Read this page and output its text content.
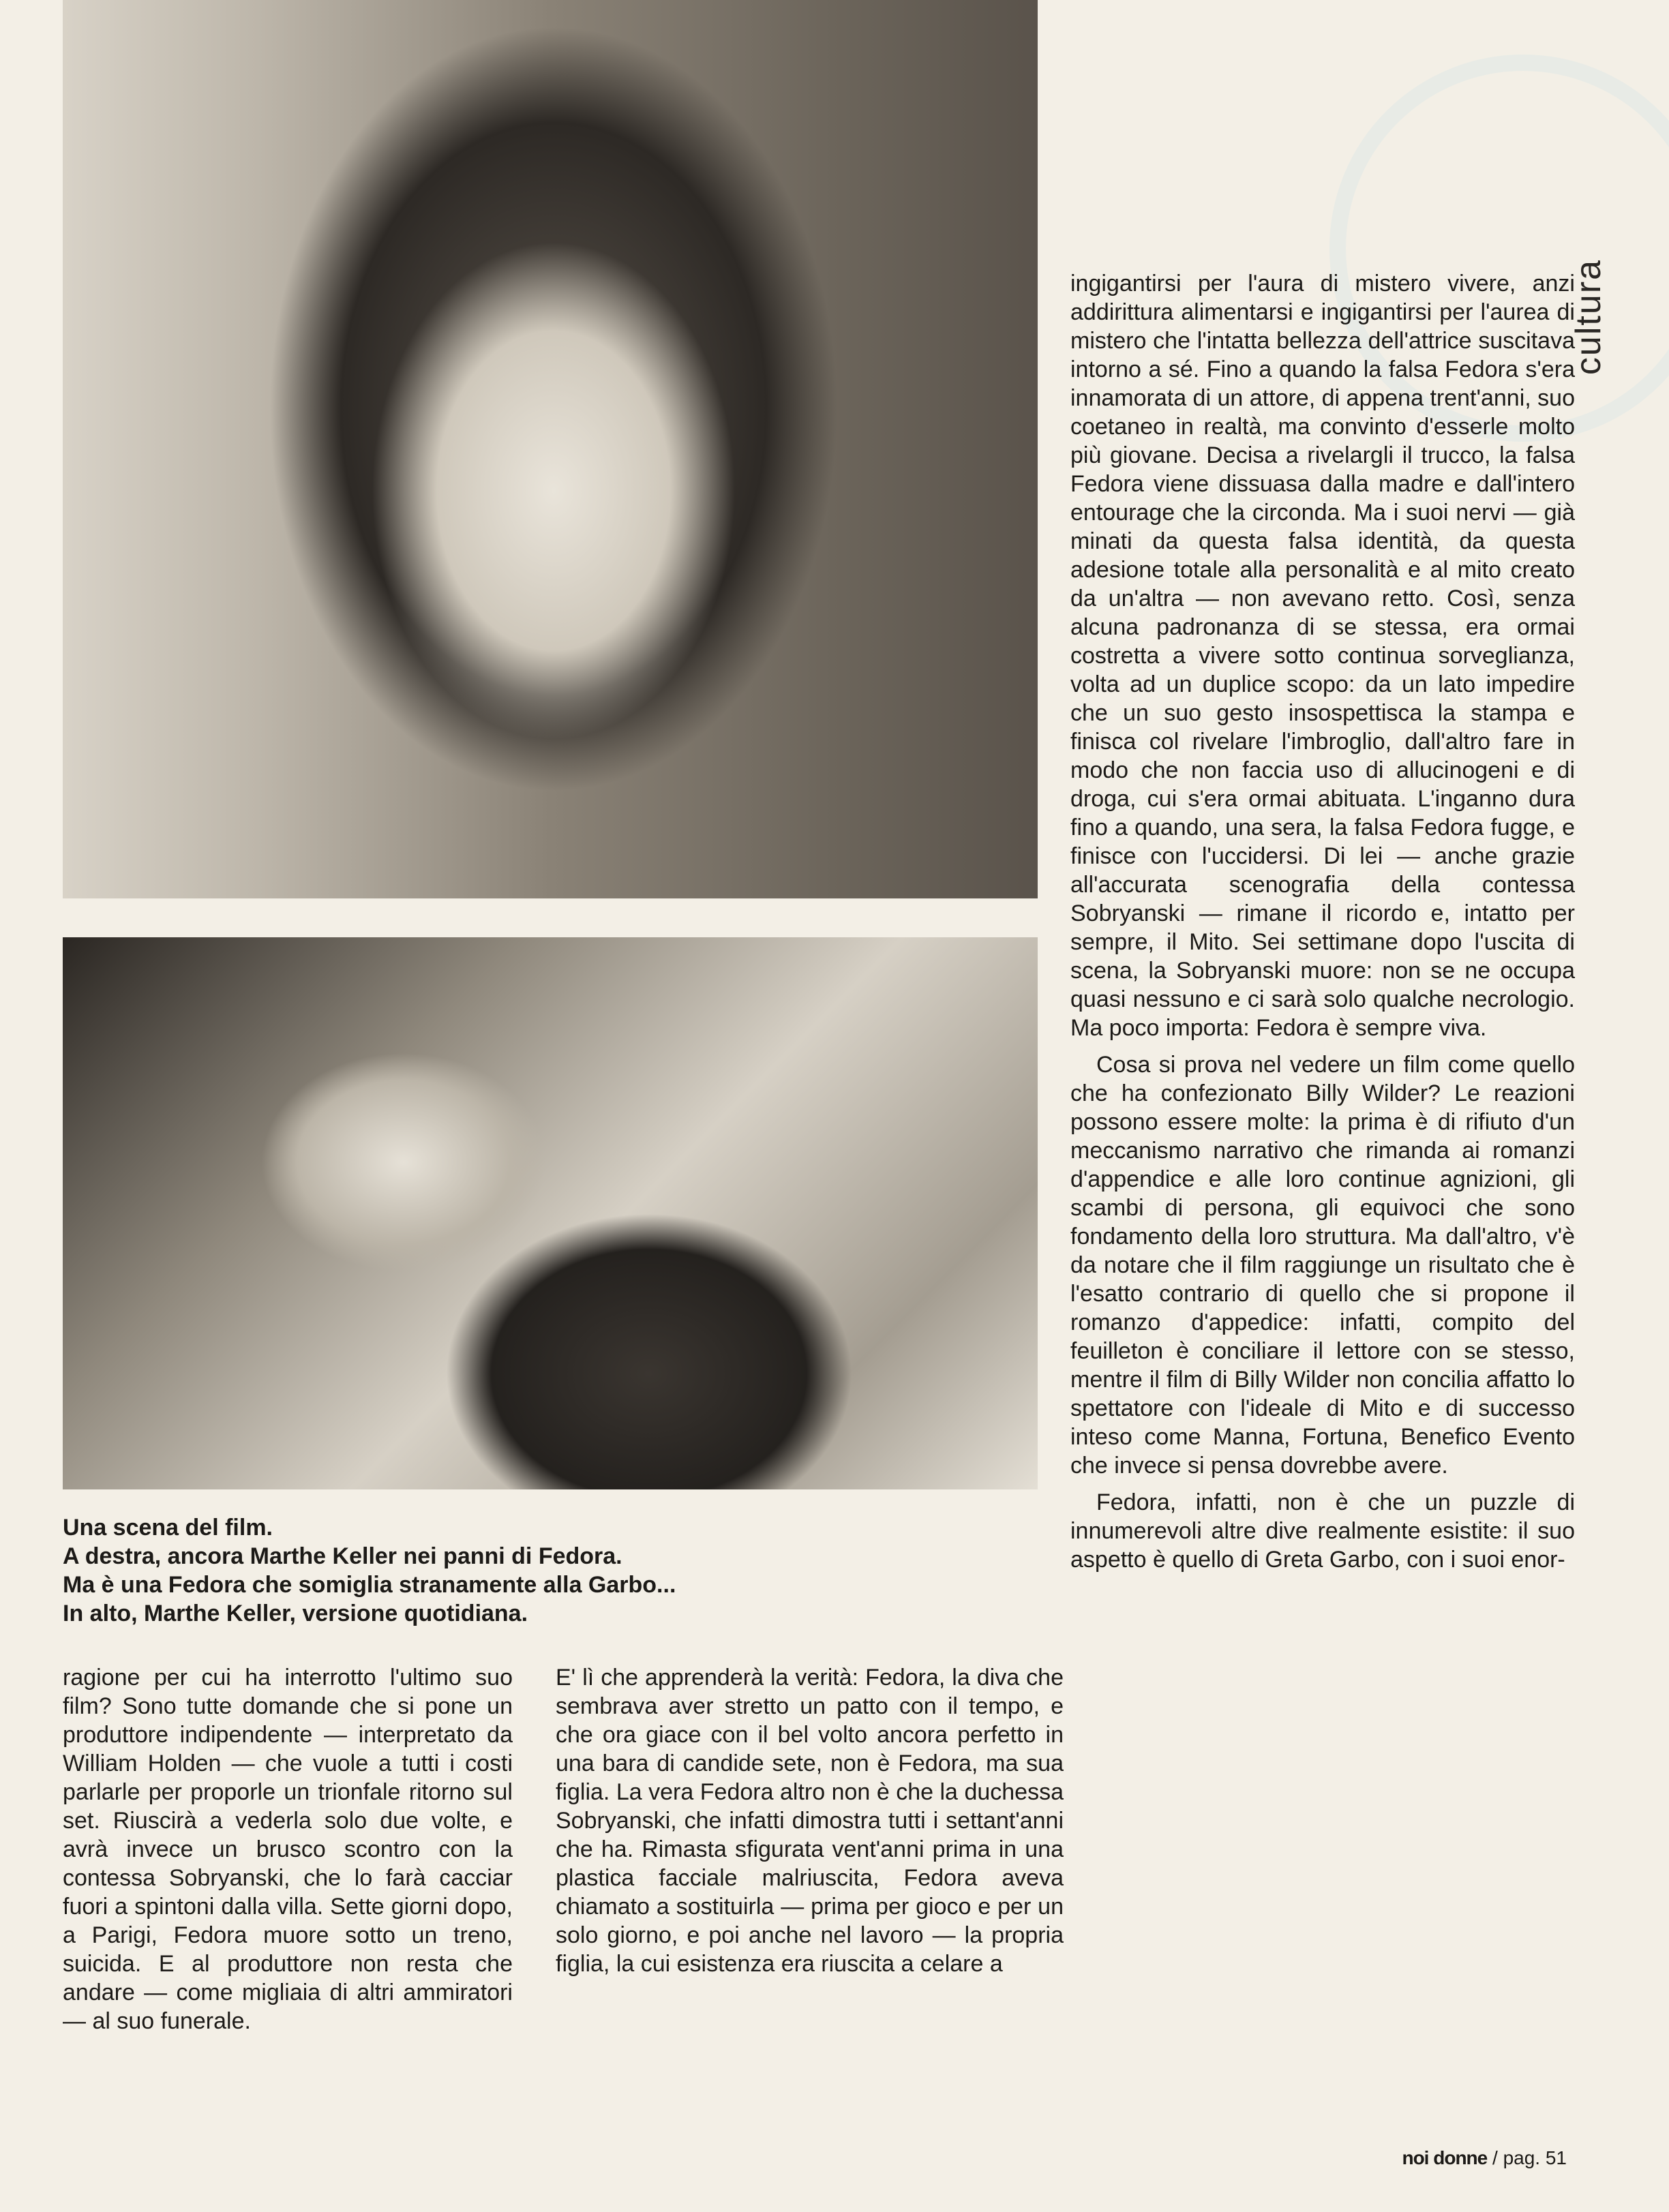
Una scena del film.
A destra, ancora Marthe Keller nei panni di Fedora.
Ma è una Fedora che somiglia stranamente alla Garbo...
In alto, Marthe Keller, versione quotidiana.

ragione per cui ha interrotto l'ultimo suo film? Sono tutte domande che si pone un produttore indipendente — interpretato da William Holden — che vuole a tutti i costi parlarle per proporle un trionfale ritorno sul set. Riuscirà a vederla solo due volte, e avrà invece un brusco scontro con la contessa Sobryanski, che lo farà cacciar fuori a spintoni dalla villa. Sette giorni dopo, a Parigi, Fedora muore sotto un treno, suicida. E al produttore non resta che andare — come migliaia di altri ammiratori — al suo funerale.

E' lì che apprenderà la verità: Fedora, la diva che sembrava aver stretto un patto con il tempo, e che ora giace con il bel volto ancora perfetto in una bara di candide sete, non è Fedora, ma sua figlia. La vera Fedora altro non è che la duchessa Sobryanski, che infatti dimostra tutti i settant'anni che ha. Rimasta sfigurata vent'anni prima in una plastica facciale malriuscita, Fedora aveva chiamato a sostituirla — prima per gioco e per un solo giorno, e poi anche nel lavoro — la propria figlia, la cui esistenza era riuscita a celare a

ingigantirsi per l'aura di mistero vivere, anzi addirittura alimentarsi e ingigantirsi per l'aurea di mistero che l'intatta bellezza dell'attrice suscitava intorno a sé. Fino a quando la falsa Fedora s'era innamorata di un attore, di appena trent'anni, suo coetaneo in realtà, ma convinto d'esserle molto più giovane. Decisa a rivelargli il trucco, la falsa Fedora viene dissuasa dalla madre e dall'intero entourage che la circonda. Ma i suoi nervi — già minati da questa falsa identità, da questa adesione totale alla personalità e al mito creato da un'altra — non avevano retto. Così, senza alcuna padronanza di se stessa, era ormai costretta a vivere sotto continua sorveglianza, volta ad un duplice scopo: da un lato impedire che un suo gesto insospettisca la stampa e finisca col rivelare l'imbroglio, dall'altro fare in modo che non faccia uso di allucinogeni e di droga, cui s'era ormai abituata. L'inganno dura fino a quando, una sera, la falsa Fedora fugge, e finisce con l'uccidersi. Di lei — anche grazie all'accurata scenografia della contessa Sobryanski — rimane il ricordo e, intatto per sempre, il Mito. Sei settimane dopo l'uscita di scena, la Sobryanski muore: non se ne occupa quasi nessuno e ci sarà solo qualche necrologio. Ma poco importa: Fedora è sempre viva.

Cosa si prova nel vedere un film come quello che ha confezionato Billy Wilder? Le reazioni possono essere molte: la prima è di rifiuto d'un meccanismo narrativo che rimanda ai romanzi d'appendice e alle loro continue agnizioni, gli scambi di persona, gli equivoci che sono fondamento della loro struttura. Ma dall'altro, v'è da notare che il film raggiunge un risultato che è l'esatto contrario di quello che si propone il romanzo d'appedice: infatti, compito del feuilleton è conciliare il lettore con se stesso, mentre il film di Billy Wilder non concilia affatto lo spettatore con l'ideale di Mito e di successo inteso come Manna, Fortuna, Benefico Evento che invece si pensa dovrebbe avere.

Fedora, infatti, non è che un puzzle di innumerevoli altre dive realmente esistite: il suo aspetto è quello di Greta Garbo, con i suoi enor-

cultura
noi donne / pag. 51
